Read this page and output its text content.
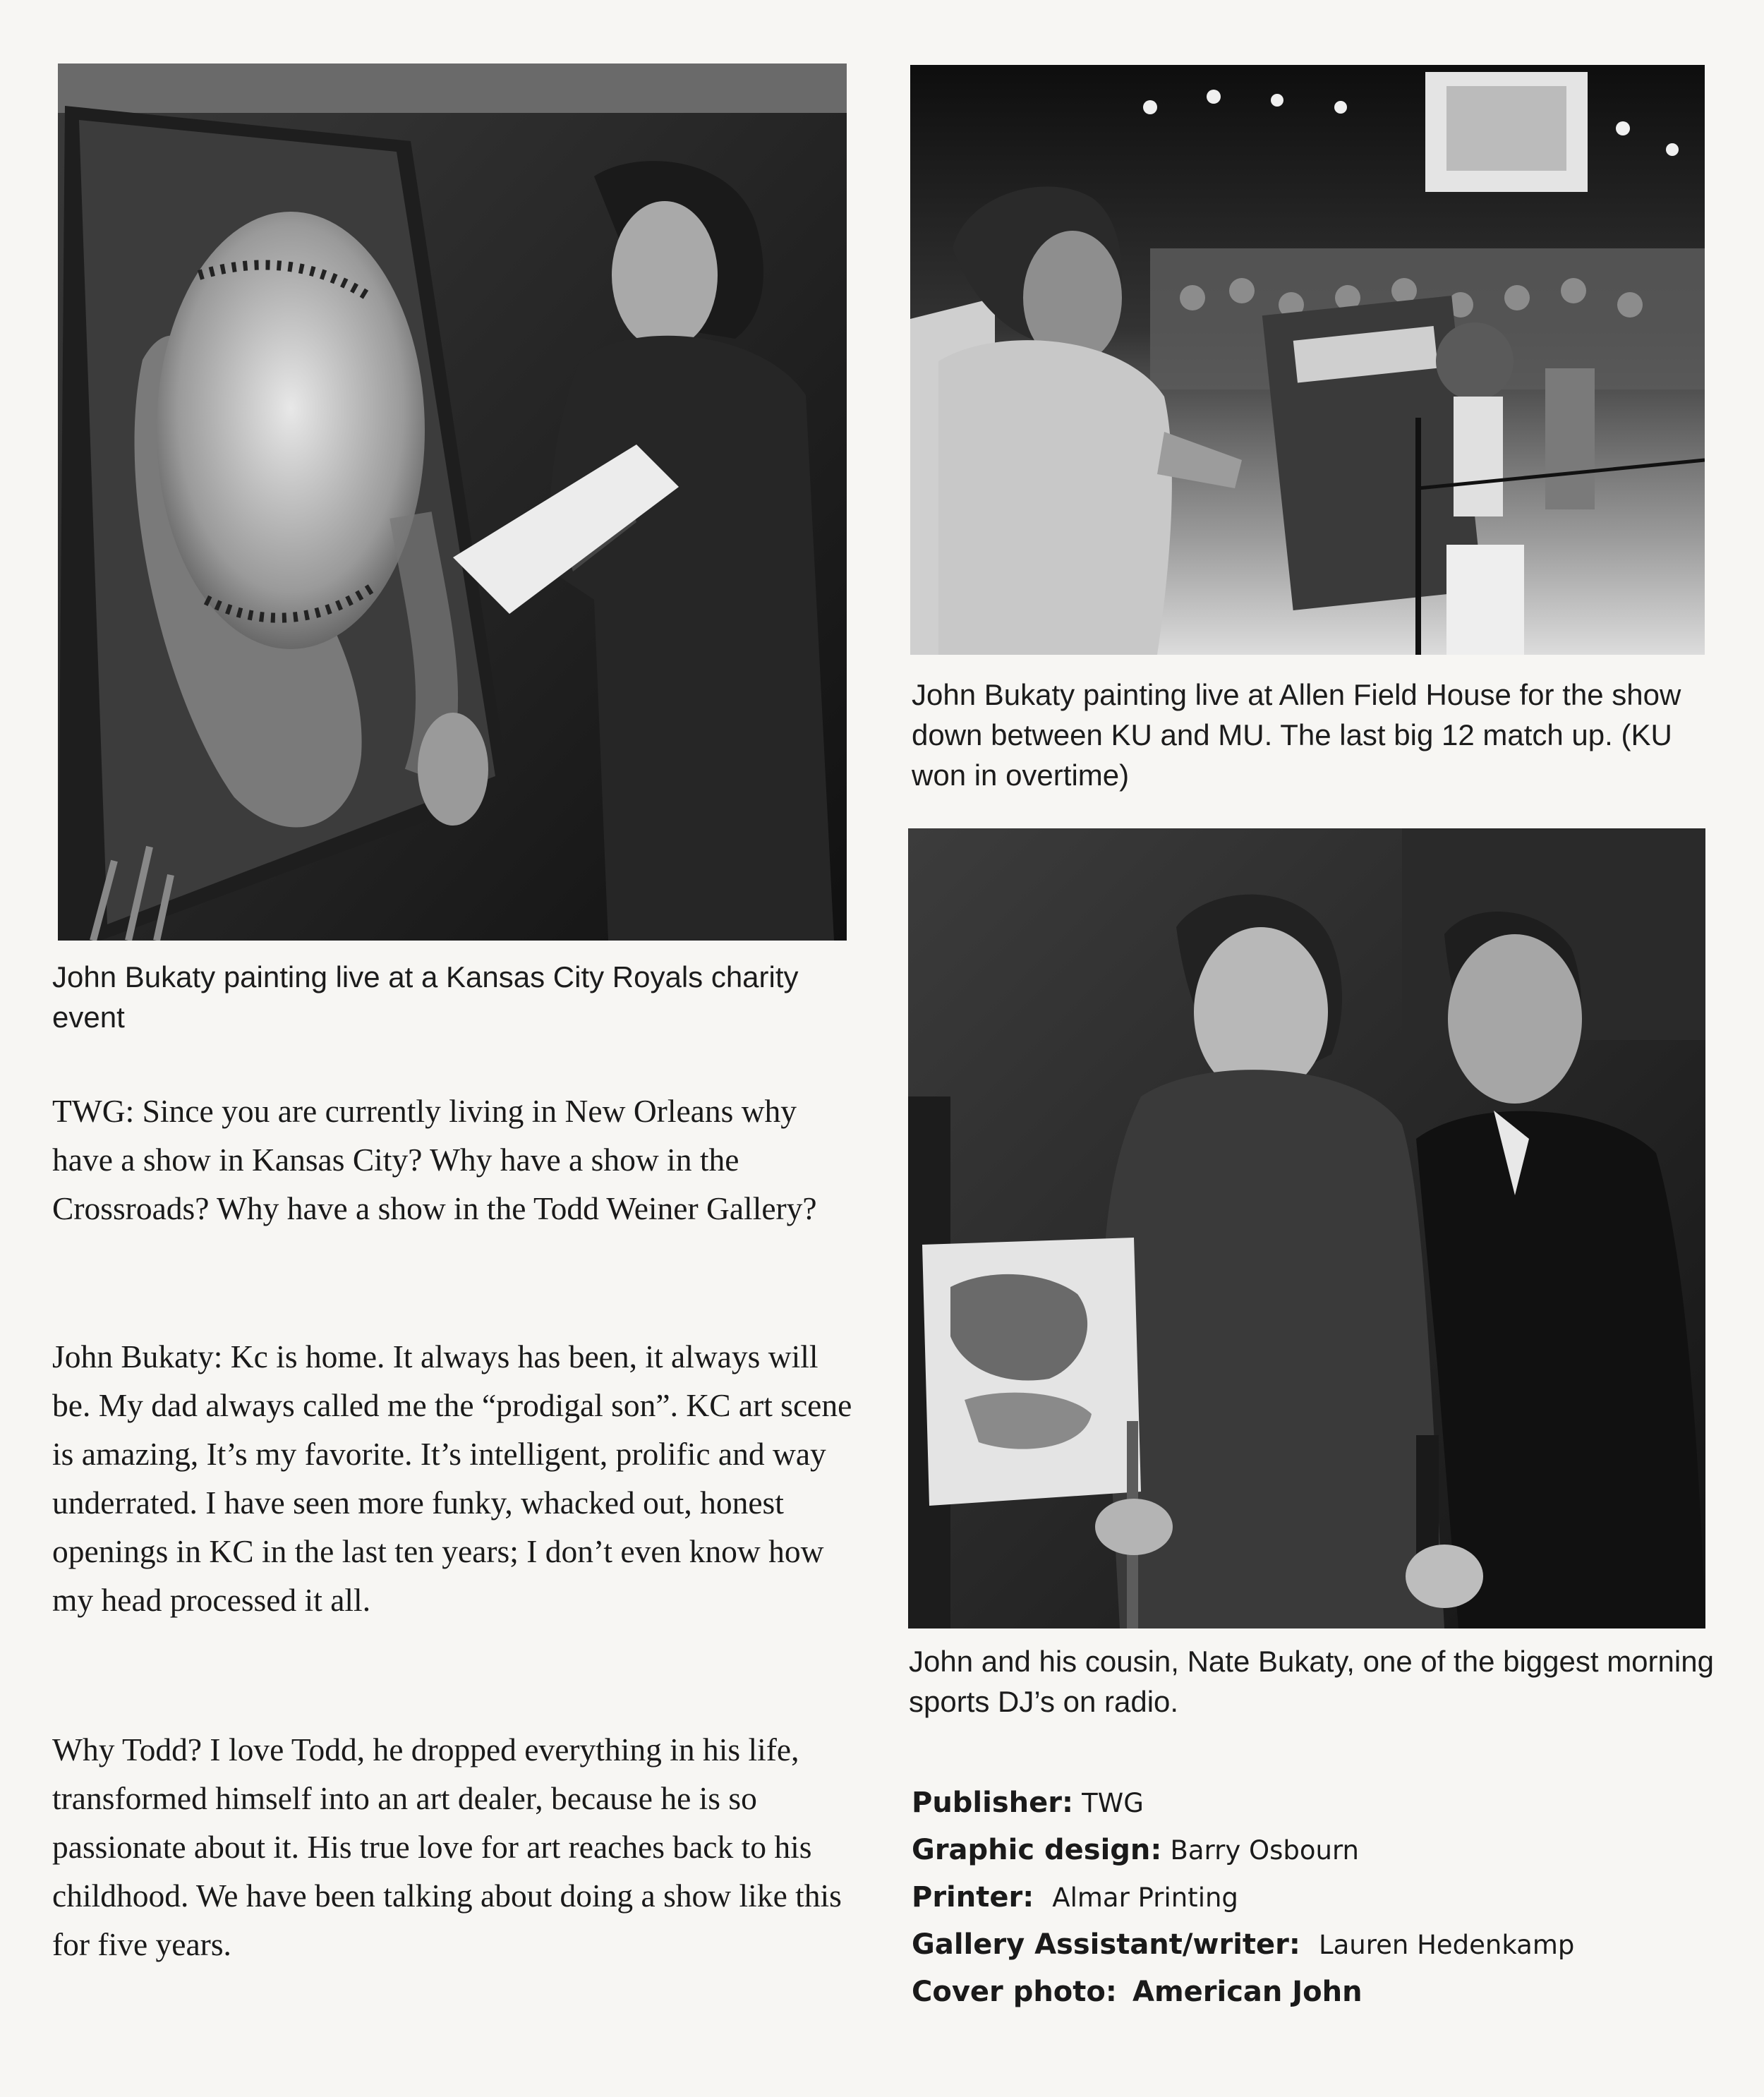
John Bukaty painting live at a Kansas City Royals charity event

John Bukaty painting live at Allen Field House for the show down between KU and MU. The last big 12 match up. (KU won in overtime)

John and his cousin, Nate Bukaty, one of the biggest morning sports DJ’s on radio.

TWG: Since you are currently living in New Orleans why have a show in Kansas City? Why have a show in the Crossroads? Why have a show in the Todd Weiner Gallery?

John Bukaty: Kc is home. It always has been, it always will be. My dad always called me the “prodigal son”. KC art scene is amazing, It’s my favorite. It’s intelligent, prolific and way underrated. I have seen more funky, whacked out, honest openings in KC in the last ten years; I don’t even know how my head processed it all.

Why Todd? I love Todd, he dropped everything in his life, transformed himself into an art dealer, because he is so passionate about it. His true love for art reaches back to his childhood. We have been talking about doing a show like this for five years.

Publisher: TWG
Graphic design: Barry Osbourn
Printer: Almar Printing
Gallery Assistant/writer: Lauren Hedenkamp
Cover photo: American John
